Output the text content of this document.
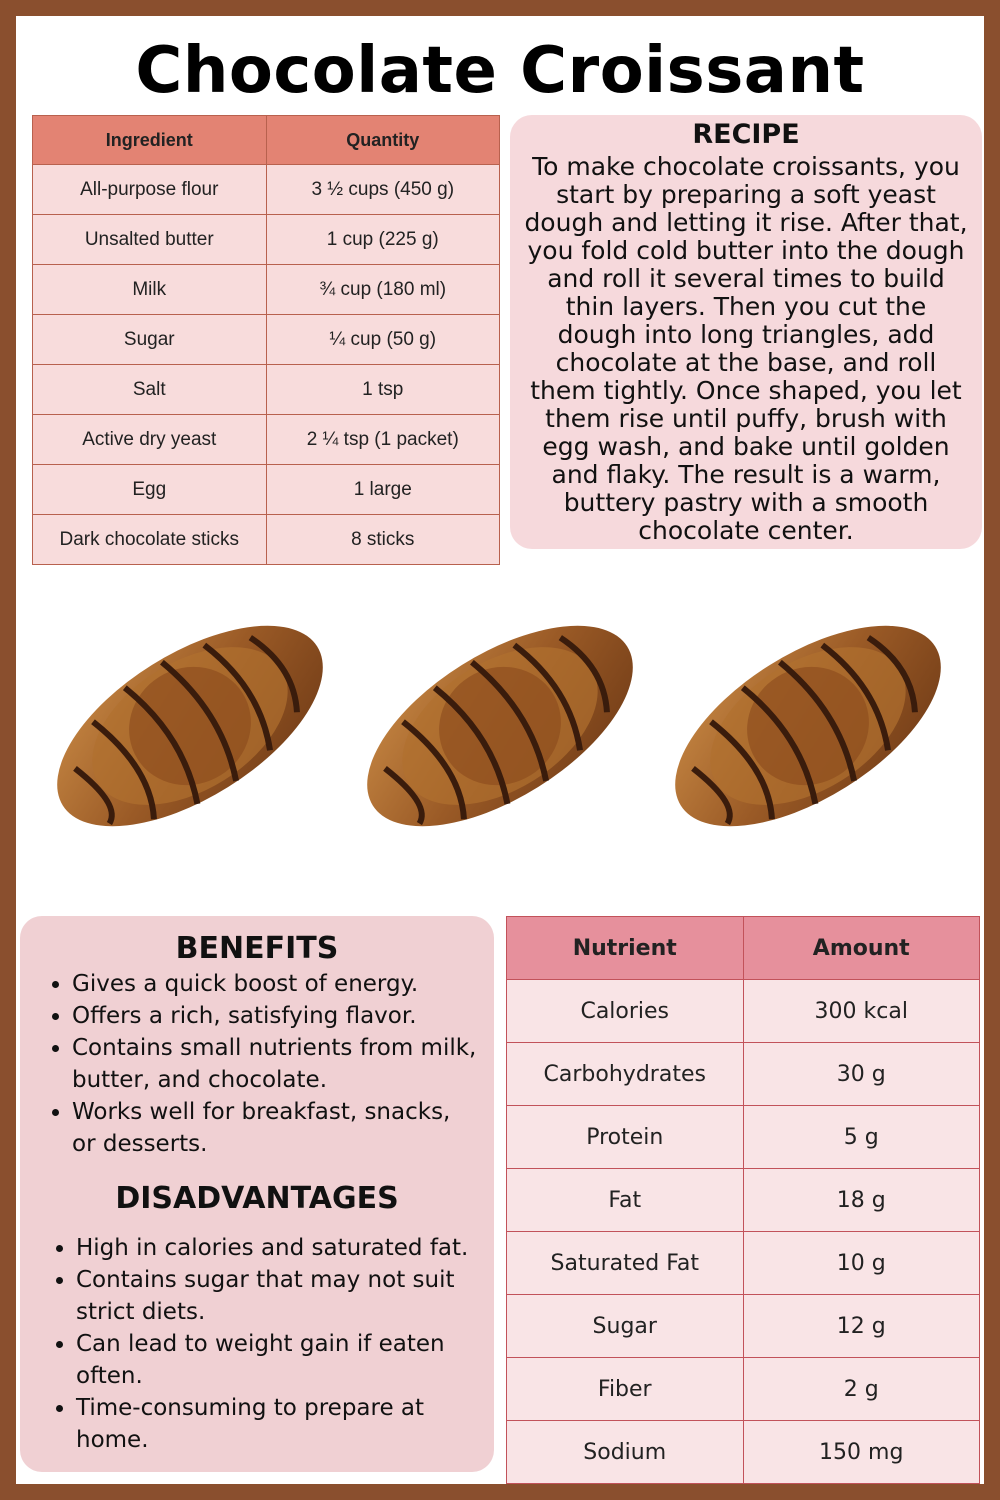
Chocolate Croissant
Ingredient	Quantity
All-purpose flour	3 ½ cups (450 g)
Unsalted butter	1 cup (225 g)
Milk	¾ cup (180 ml)
Sugar	¼ cup (50 g)
Salt	1 tsp
Active dry yeast	2 ¼ tsp (1 packet)
Egg	1 large
Dark chocolate sticks	8 sticks
RECIPE

To make chocolate croissants, you start by preparing a soft yeast dough and letting it rise. After that, you fold cold butter into the dough and roll it several times to build thin layers. Then you cut the dough into long triangles, add chocolate at the base, and roll them tightly. Once shaped, you let them rise until puffy, brush with egg wash, and bake until golden and flaky. The result is a warm, buttery pastry with a smooth chocolate center.

BENEFITS
• Gives a quick boost of energy.
• Offers a rich, satisfying flavor.
• Contains small nutrients from milk, butter, and chocolate.
• Works well for breakfast, snacks, or desserts.
DISADVANTAGES
• High in calories and saturated fat.
• Contains sugar that may not suit strict diets.
• Can lead to weight gain if eaten often.
• Time-consuming to prepare at home.
Nutrient	Amount
Calories	300 kcal
Carbohydrates	30 g
Protein	5 g
Fat	18 g
Saturated Fat	10 g
Sugar	12 g
Fiber	2 g
Sodium	150 mg
